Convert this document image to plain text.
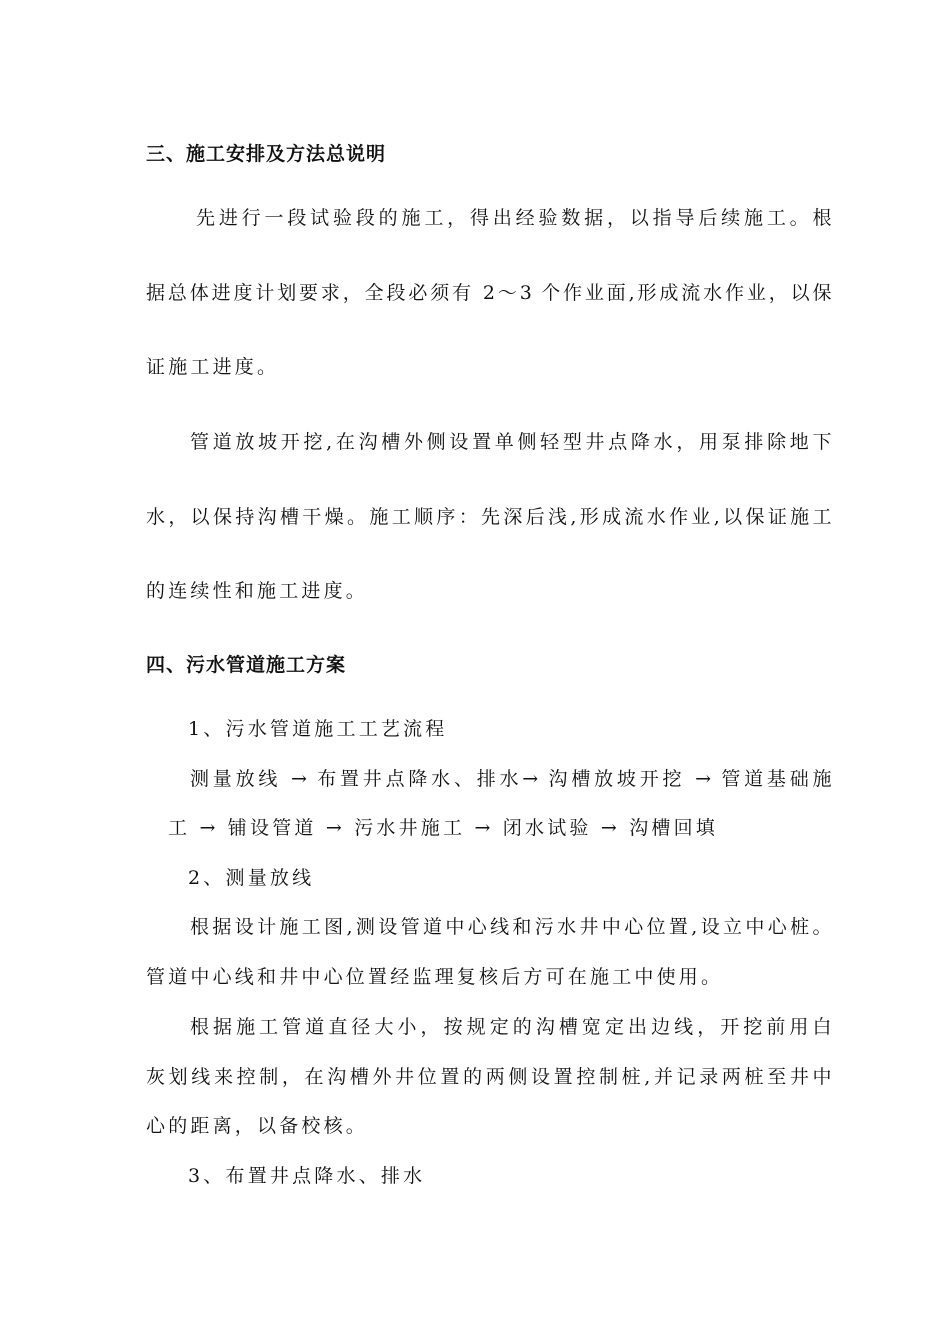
三、施工安排及方法总说明
先进行一段试验段的施工，得出经验数据，以指导后续施工。根
据总体进度计划要求，全段必须有 2～3 个作业面,形成流水作业，以保
证施工进度。
管道放坡开挖,在沟槽外侧设置单侧轻型井点降水，用泵排除地下
水，以保持沟槽干燥。施工顺序：先深后浅,形成流水作业,以保证施工
的连续性和施工进度。
四、污水管道施工方案
1、污水管道施工工艺流程
测量放线 → 布置井点降水、排水→ 沟槽放坡开挖 → 管道基础施
工 → 铺设管道 → 污水井施工 → 闭水试验 → 沟槽回填
2、测量放线
根据设计施工图,测设管道中心线和污水井中心位置,设立中心桩。
管道中心线和井中心位置经监理复核后方可在施工中使用。
根据施工管道直径大小，按规定的沟槽宽定出边线，开挖前用白
灰划线来控制，在沟槽外井位置的两侧设置控制桩,并记录两桩至井中
心的距离，以备校核。
3、布置井点降水、排水
